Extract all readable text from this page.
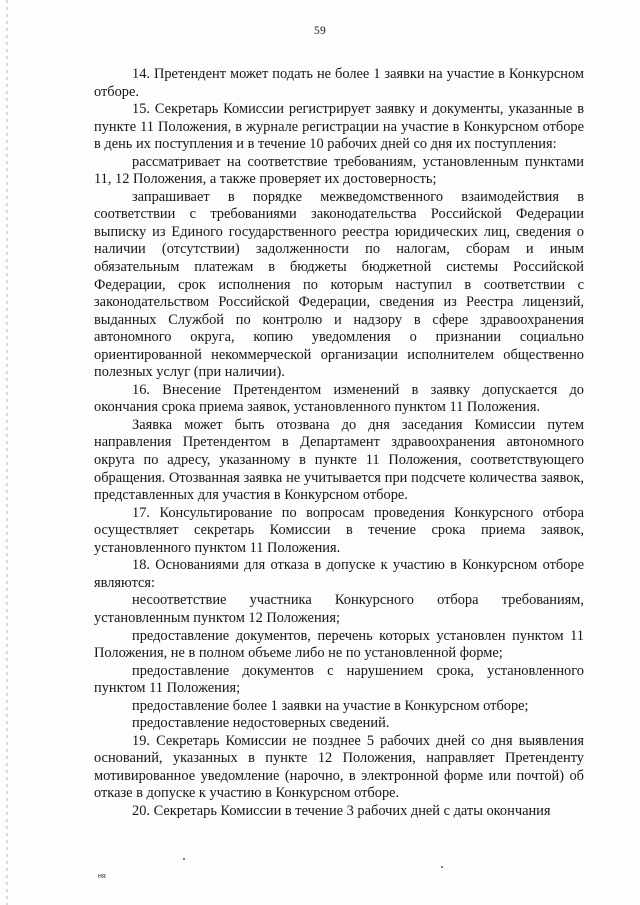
59

14. Претендент может подать не более 1 заявки на участие в Конкурсном отборе.

15. Секретарь Комиссии регистрирует заявку и документы, указанные в пункте 11 Положения, в журнале регистрации на участие в Конкурсном отборе в день их поступления и в течение 10 рабочих дней со дня их поступления:

рассматривает на соответствие требованиям, установленным пунктами 11, 12 Положения, а также проверяет их достоверность;

запрашивает в порядке межведомственного взаимодействия в соответствии с требованиями законодательства Российской Федерации выписку из Единого государственного реестра юридических лиц, сведения о наличии (отсутствии) задолженности по налогам, сборам и иным обязательным платежам в бюджеты бюджетной системы Российской Федерации, срок исполнения по которым наступил в соответствии с законодательством Российской Федерации, сведения из Реестра лицензий, выданных Службой по контролю и надзору в сфере здравоохранения автономного округа, копию уведомления о признании социально ориентированной некоммерческой организации исполнителем общественно полезных услуг (при наличии).

16. Внесение Претендентом изменений в заявку допускается до окончания срока приема заявок, установленного пунктом 11 Положения.

Заявка может быть отозвана до дня заседания Комиссии путем направления Претендентом в Департамент здравоохранения автономного округа по адресу, указанному в пункте 11 Положения, соответствующего обращения. Отозванная заявка не учитывается при подсчете количества заявок, представленных для участия в Конкурсном отборе.

17. Консультирование по вопросам проведения Конкурсного отбора осуществляет секретарь Комиссии в течение срока приема заявок, установленного пунктом 11 Положения.

18. Основаниями для отказа в допуске к участию в Конкурсном отборе являются:

несоответствие участника Конкурсного отбора требованиям, установленным пунктом 12 Положения;

предоставление документов, перечень которых установлен пунктом 11 Положения, не в полном объеме либо не по установленной форме;

предоставление документов с нарушением срока, установленного пунктом 11 Положения;

предоставление более 1 заявки на участие в Конкурсном отборе;

предоставление недостоверных сведений.

19. Секретарь Комиссии не позднее 5 рабочих дней со дня выявления оснований, указанных в пункте 12 Положения, направляет Претенденту мотивированное уведомление (нарочно, в электронной форме или почтой) об отказе в допуске к участию в Конкурсном отборе.

20. Секретарь Комиссии в течение 3 рабочих дней с даты окончания

ня
